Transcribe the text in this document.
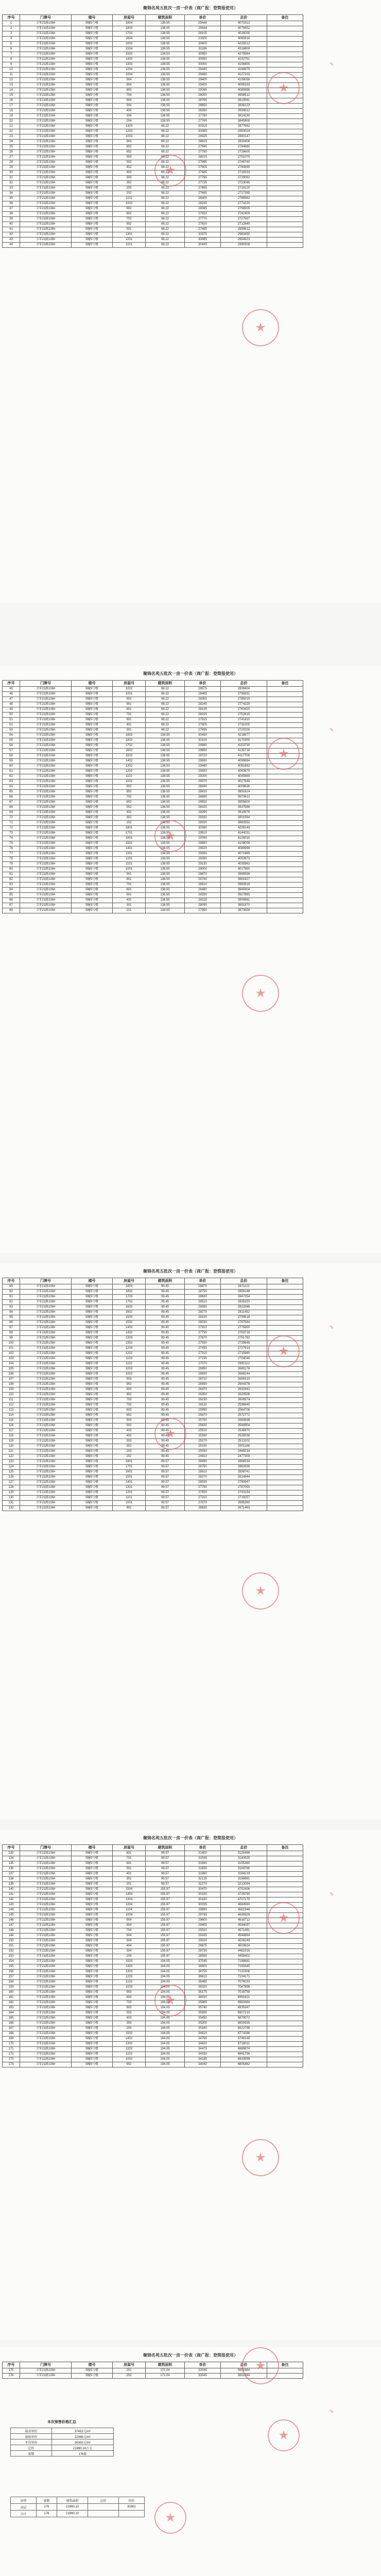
聚锦名苑五批次一房一价表（商广报：登简报使用）
序号	门牌号	楼号	房屋号	建筑面积	单价	总价	备注
1	卫零21路108#	5幢5号楼	1804	138.55	29444	4073312	
2	卫零21路108#	5幢5号楼	1803	138.55	29444	4079452	
3	卫零21路108#	5幢5号楼	1703	138.55	28105	4016000	
4	卫零21路108#	5幢5号楼	1604	138.55	21505	4065918	
5	卫零21路108#	5幢5号楼	1603	138.55	30600	4225012	
6	卫零21路108#	5幢5号楼	1504	138.55	31166	4318800	
7	卫零21路108#	5幢5号楼	1503	138.55	30950	4279984	
8	卫零21路108#	5幢5号楼	1403	138.55	30550	4232751	
9	卫零21路108#	5幢5号楼	1303	138.55	30000	4156800	
10	卫零21路108#	5幢5号楼	1204	138.55	29440	4168975	
11	卫零21路108#	5幢5号楼	1004	138.55	29460	4127103	
12	卫零21路108#	5幢5号楼	904	138.55	29400	4108058	
13	卫零21路108#	5幢5号楼	804	138.55	29400	4095333	
14	卫零21路108#	5幢5号楼	803	138.55	29265	4080885	
15	卫零21路108#	5幢5号楼	704	138.55	28050	3956512	
16	卫零21路108#	5幢5号楼	604	138.55	28765	3923561	
17	卫零21路108#	5幢5号楼	504	138.55	28650	3936123	
18	卫零21路108#	5幢5号楼	404	138.55	28350	3939512	
19	卫零21路108#	5幢5号楼	304	138.55	27780	3914190	
20	卫零21路108#	5幢5号楼	204	138.55	27760	3845800	
21	卫零21路108#	5幢5号楼	1303	98.22	30315	2977562	
22	卫零21路108#	5幢5号楼	1203	98.22	30065	2953024	
23	卫零21路108#	5幢5号楼	1003	98.22	29425	2890147	
24	卫零21路108#	5幢5号楼	903	98.22	28815	2830408	
25	卫零21路108#	5幢5号楼	802	98.22	27945	2744680	
26	卫零21路108#	5幢5号楼	602	98.22	27780	2728600	
27	卫零21路108#	5幢5号楼	503	98.22	28010	2751075	
28	卫零21路108#	5幢5号楼	502	98.22	27965	2746740	
29	卫零21路108#	5幢5号楼	402	98.22	27905	2740830	
30	卫零21路108#	5幢5号楼	403	98.22	27685	2719333	
31	卫零21路108#	5幢5号楼	303	98.22	27785	2729062	
32	卫零21路108#	5幢5号楼	302	98.22	27725	2723090	
33	卫零21路108#	5幢5号楼	203	98.22	27685	2719120	
34	卫零21路108#	5幢5号楼	202	98.22	27665	2717285	
35	卫零21路108#	5幢5号楼	1102	98.22	28405	2789982	
36	卫零21路108#	5幢5号楼	1002	98.22	28245	2774220	
37	卫零21路108#	5幢5号楼	902	98.22	28085	2758505	
38	卫零21路108#	5幢5号楼	802	98.22	27920	2742400	
39	卫零21路108#	5幢5号楼	702	98.22	27770	2727567	
40	卫零21路108#	5幢5号楼	602	98.22	27620	2712840	
41	卫零21路108#	5幢5号楼	501	98.22	27485	2699612	
42	卫零21路108#	5幢5号楼	1301	98.22	30375	2983450	
43	卫零21路108#	5幢5号楼	1201	98.22	30085	2954923	
44	卫零21路108#	5幢5号楼	1101	98.22	30445	2990308	
★
★
★
✎
聚锦名苑五批次一房一价表（商广报：登简报使用）
序号	门牌号	楼号	房屋号	建筑面积	单价	总价	备注
45	卫零21路108#	5幢5号楼	1002	98.22	28575	2806604	
46	卫零21路108#	5幢5号楼	1001	98.22	28465	2795831	
47	卫零21路108#	5幢5号楼	902	98.22	28355	2785015	
48	卫零21路108#	5幢5号楼	901	98.22	28245	2774220	
49	卫零21路108#	5幢5号楼	801	98.22	28135	2763420	
50	卫零21路108#	5幢5号楼	701	98.22	28025	2752615	
51	卫零21路108#	5幢5号楼	601	98.22	27915	2741810	
52	卫零21路108#	5幢5号楼	401	98.22	27805	2731005	
53	卫零21路108#	5幢5号楼	301	98.22	27695	2720200	
54	卫零21路108#	5幢5号楼	1803	138.55	30450	4218877	
55	卫零21路108#	5幢5号楼	1802	138.55	30100	4170355	
56	卫零21路108#	5幢5号楼	1702	138.55	29980	4153730	
57	卫零21路108#	5幢5号楼	1602	138.55	29850	4135718	
58	卫零21路108#	5幢5号楼	1502	138.55	29720	4117706	
59	卫零21路108#	5幢5号楼	1402	138.55	29590	4099694	
60	卫零21路108#	5幢5号楼	1302	138.55	29460	4081682	
61	卫零21路108#	5幢5号楼	1202	138.55	29330	4063670	
62	卫零21路108#	5幢5号楼	1102	138.55	29200	4045660	
63	卫零21路108#	5幢5号楼	1002	138.55	29070	4027648	
64	卫零21路108#	5幢5号楼	902	138.55	28940	4009636	
65	卫零21路108#	5幢5号楼	802	138.55	28810	3991624	
66	卫零21路108#	5幢5号楼	702	138.55	28680	3973612	
67	卫零21路108#	5幢5号楼	602	138.55	28550	3955600	
68	卫零21路108#	5幢5号楼	502	138.55	28420	3937588	
69	卫零21路108#	5幢5号楼	402	138.55	28290	3919576	
70	卫零21路108#	5幢5号楼	302	138.55	28160	3901564	
71	卫零21路108#	5幢5号楼	202	138.55	28030	3883552	
72	卫零21路108#	5幢5号楼	1801	138.55	30380	4209149	
73	卫零21路108#	5幢5号楼	1701	138.55	29910	4144031	
74	卫零21路108#	5幢5号楼	1601	138.55	29780	4126019	
75	卫零21路108#	5幢5号楼	1501	138.55	29650	4108008	
76	卫零21路108#	5幢5号楼	1401	138.55	29520	4089996	
77	卫零21路108#	5幢5号楼	1301	138.55	29390	4071985	
78	卫零21路108#	5幢5号楼	1201	138.55	29260	4053973	
79	卫零21路108#	5幢5号楼	1101	138.55	29130	4035962	
80	卫零21路108#	5幢5号楼	1001	138.55	29000	4017950	
81	卫零21路108#	5幢5号楼	901	138.55	28870	3999939	
82	卫零21路108#	5幢5号楼	801	138.55	28740	3981927	
83	卫零21路108#	5幢5号楼	701	138.55	28610	3963916	
84	卫零21路108#	5幢5号楼	601	138.55	28480	3945904	
85	卫零21路108#	5幢5号楼	501	138.55	28350	3927893	
86	卫零21路108#	5幢5号楼	401	138.55	28220	3909881	
87	卫零21路108#	5幢5号楼	301	138.55	28090	3891870	
88	卫零21路108#	5幢5号楼	201	138.55	27960	3873858	
★
★
★
✎
聚锦名苑五批次一房一价表（商广报：登简报使用）
序号	门牌号	楼号	房屋号	建筑面积	单价	总价	备注
89	卫零21路108#	5幢5号楼	1803	99.45	28870	2871122	
90	卫零21路108#	5幢5号楼	1802	99.45	28750	2859188	
91	卫零21路108#	5幢5号楼	1703	99.45	28630	2847254	
92	卫零21路108#	5幢5号楼	1702	99.45	28510	2835320	
93	卫零21路108#	5幢5号楼	1603	99.45	28390	2823386	
94	卫零21路108#	5幢5号楼	1602	99.45	28270	2811452	
95	卫零21路108#	5幢5号楼	1503	99.45	28150	2799518	
96	卫零21路108#	5幢5号楼	1502	99.45	28030	2787584	
97	卫零21路108#	5幢5号楼	1403	99.45	27910	2775650	
98	卫零21路108#	5幢5号楼	1402	99.45	27790	2763716	
99	卫零21路108#	5幢5号楼	1303	99.45	27670	2751782	
100	卫零21路108#	5幢5号楼	1302	99.45	27550	2739848	
101	卫零21路108#	5幢5号楼	1203	99.45	27430	2727914	
102	卫零21路108#	5幢5号楼	1202	99.45	27310	2715980	
103	卫零21路108#	5幢5号楼	1103	99.45	27190	2704046	
104	卫零21路108#	5幢5号楼	1102	99.45	27070	2692112	
105	卫零21路108#	5幢5号楼	1003	99.45	26950	2680178	
106	卫零21路108#	5幢5号楼	1002	99.45	26830	2668244	
107	卫零21路108#	5幢5号楼	903	99.45	26710	2656310	
108	卫零21路108#	5幢5号楼	902	99.45	26590	2644376	
109	卫零21路108#	5幢5号楼	803	99.45	26470	2632442	
110	卫零21路108#	5幢5号楼	802	99.45	26350	2620508	
111	卫零21路108#	5幢5号楼	703	99.45	26230	2608574	
112	卫零21路108#	5幢5号楼	702	99.45	26110	2596640	
113	卫零21路108#	5幢5号楼	603	99.45	25990	2584706	
114	卫零21路108#	5幢5号楼	602	99.45	25870	2572772	
115	卫零21路108#	5幢5号楼	503	99.45	25750	2560838	
116	卫零21路108#	5幢5号楼	502	99.45	25630	2548904	
117	卫零21路108#	5幢5号楼	403	99.45	25510	2536970	
118	卫零21路108#	5幢5号楼	402	99.45	25390	2525036	
119	卫零21路108#	5幢5号楼	303	99.45	25270	2513102	
120	卫零21路108#	5幢5号楼	302	99.45	25150	2501168	
121	卫零21路108#	5幢5号楼	203	99.45	25030	2489234	
122	卫零21路108#	5幢5号楼	202	99.45	24910	2477300	
123	卫零21路108#	5幢5号楼	1801	99.57	28990	2886534	
124	卫零21路108#	5幢5号楼	1701	99.57	28750	2862638	
125	卫零21路108#	5幢5号楼	1601	99.57	28510	2838741	
126	卫零21路108#	5幢5号楼	1501	99.57	28270	2814844	
127	卫零21路108#	5幢5号楼	1401	99.57	28030	2790947	
128	卫零21路108#	5幢5号楼	1301	99.57	27790	2767050	
129	卫零21路108#	5幢5号楼	1201	99.57	27550	2743154	
130	卫零21路108#	5幢5号楼	1101	99.57	27310	2719257	
131	卫零21路108#	5幢5号楼	1001	99.57	27070	2695360	
132	卫零21路108#	5幢5号楼	901	99.57	26830	2671463	
★
★
★
✎
聚锦名苑五批次一房一价表（商广报：登简报使用）
序号	门牌号	楼号	房屋号	建筑面积	单价	总价	备注
133	卫零21路108#	5幢5号楼	801	99.57	31400	3126498	
134	卫零21路108#	5幢5号楼	701	99.57	31545	3140925	
135	卫零21路108#	5幢5号楼	601	99.57	31690	3155360	
136	卫零21路108#	5幢5号楼	501	99.57	31835	3169786	
137	卫零21路108#	5幢5号楼	401	99.57	31980	3184219	
138	卫零21路108#	5幢5号楼	301	99.57	32125	3198661	
139	卫零21路108#	5幢5号楼	201	99.57	32270	3213094	
140	卫零21路108#	5幢5号楼	1504	155.97	30470	4752406	
141	卫零21路108#	5幢5号楼	1404	155.97	30325	4729790	
142	卫零21路108#	5幢5号楼	1304	155.97	30180	4707175	
143	卫零21路108#	5幢5号楼	1204	155.97	30035	4684560	
144	卫零21路108#	5幢5号楼	1104	155.97	29890	4661946	
145	卫零21路108#	5幢5号楼	1004	155.97	29745	4639328	
146	卫零21路108#	5幢5号楼	904	155.97	29600	4616712	
147	卫零21路108#	5幢5号楼	804	155.97	29455	4594097	
148	卫零21路108#	5幢5号楼	704	155.97	29310	4571481	
149	卫零21路108#	5幢5号楼	604	155.97	29165	4548864	
150	卫零21路108#	5幢5号楼	504	155.97	29020	4526249	
151	卫零21路108#	5幢5号楼	404	155.97	28875	4503634	
152	卫零21路108#	5幢5号楼	304	155.97	28730	4481018	
153	卫零21路108#	5幢5号楼	204	155.97	28585	4458402	
154	卫零21路108#	5幢5号楼	1503	194.05	37045	7188681	
155	卫零21路108#	5幢5号楼	1403	194.05	36900	7160445	
156	卫零21路108#	5幢5号楼	1303	194.05	36755	7132308	
157	卫零21路108#	5幢5号楼	1203	194.05	36610	7104171	
158	卫零21路108#	5幢5号楼	1103	194.05	36465	7076033	
159	卫零21路108#	5幢5号楼	1003	194.05	36320	7047896	
160	卫零21路108#	5幢5号楼	903	194.05	36175	7019759	
161	卫零21路108#	5幢5号楼	803	194.05	36030	6991621	
162	卫零21路108#	5幢5号楼	703	194.05	35885	6963484	
163	卫零21路108#	5幢5号楼	603	194.05	35740	6935347	
164	卫零21路108#	5幢5号楼	503	194.05	35595	6907210	
165	卫零21路108#	5幢5号楼	403	194.05	35450	6879072	
166	卫零21路108#	5幢5号楼	303	194.05	35305	6850935	
167	卫零21路108#	5幢5号楼	203	194.05	35160	6822798	
168	卫零21路108#	5幢5号楼	1502	194.05	34910	6774286	
169	卫零21路108#	5幢5号楼	1402	194.05	34765	6746148	
170	卫零21路108#	5幢5号楼	1302	194.05	34620	6718011	
171	卫零21路108#	5幢5号楼	1202	194.05	34475	6689874	
172	卫零21路108#	5幢5号楼	1102	194.05	34330	6661736	
173	卫零21路108#	5幢5号楼	1002	194.05	34185	6633599	
174	卫零21路108#	5幢5号楼	902	194.05	34040	6605462	
★
★
★
✎
聚锦名苑五批次一房一价表（商广报：登简报使用）
序号	门牌号	楼号	房屋号	建筑面积	单价	总价	备注
175	卫零21路108#	5幢5号楼	201	171.04	33045	5651984	
176	卫零21路108#	5幢5号楼	202	171.04	33045	5651984	
★
★
★
✎
本次预售价格汇总
最高单价	37452元/m²
最低单价	22995元/m²
平均单价	30302元/m²
总价	21990.10万元
套数	176套
房型	套数	建筑面积	总价	均价
高层	176	21990.10		30302
合计	176	21990.10		
